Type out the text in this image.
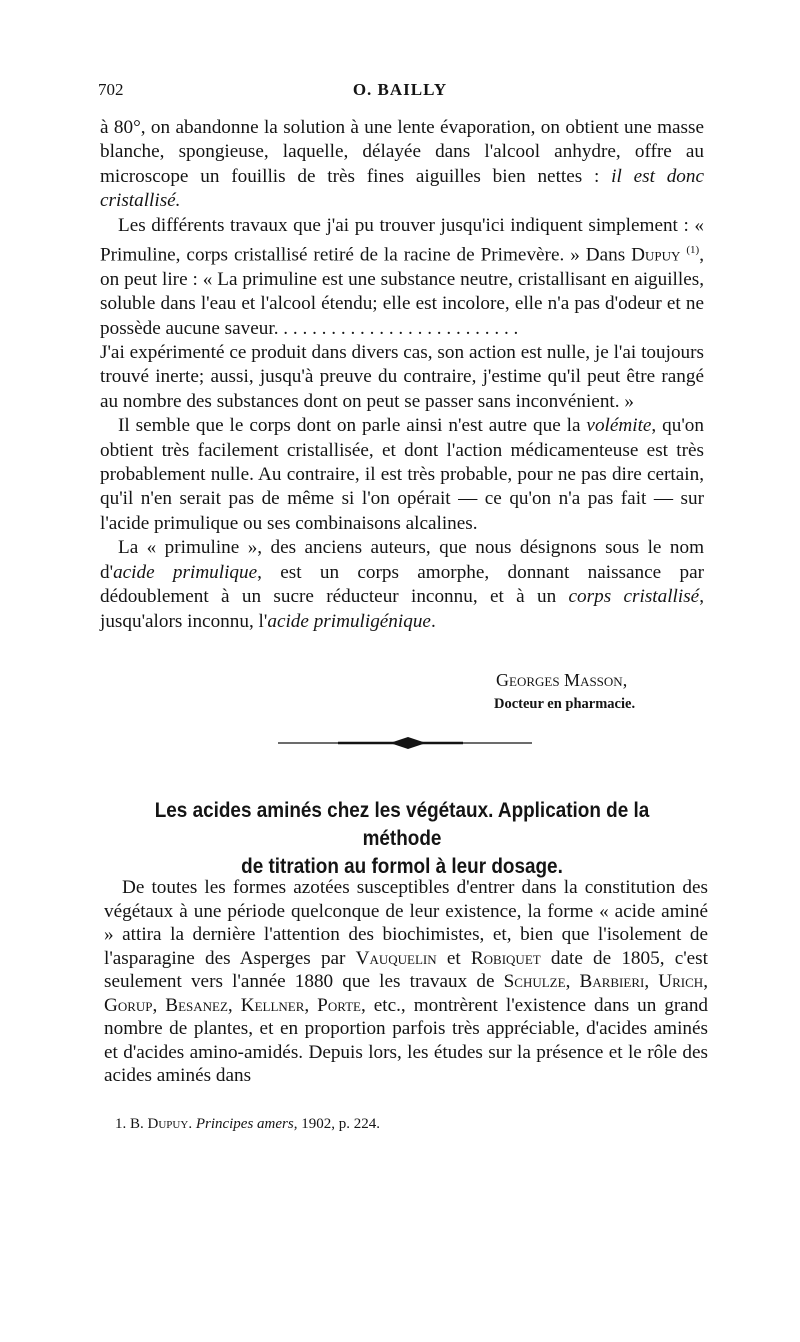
702	O. BAILLY

à 80°, on abandonne la solution à une lente évaporation, on obtient une masse blanche, spongieuse, laquelle, délayée dans l'alcool anhydre, offre au microscope un fouillis de très fines aiguilles bien nettes : il est donc cristallisé.

Les différents travaux que j'ai pu trouver jusqu'ici indiquent simplement : « Primuline, corps cristallisé retiré de la racine de Primevère. » Dans Dupuy $^{(1)}$, on peut lire : « La primuline est une substance neutre, cristallisant en aiguilles, soluble dans l'eau et l'alcool étendu; elle est incolore, elle n'a pas d'odeur et ne possède aucune saveur. . . . . . . . . . . . . . . . . . . . . . . . . .

J'ai expérimenté ce produit dans divers cas, son action est nulle, je l'ai toujours trouvé inerte; aussi, jusqu'à preuve du contraire, j'estime qu'il peut être rangé au nombre des substances dont on peut se passer sans inconvénient. »

Il semble que le corps dont on parle ainsi n'est autre que la volémite, qu'on obtient très facilement cristallisée, et dont l'action médicamenteuse est très probablement nulle. Au contraire, il est très probable, pour ne pas dire certain, qu'il n'en serait pas de même si l'on opérait — ce qu'on n'a pas fait — sur l'acide primulique ou ses combinaisons alcalines.

La « primuline », des anciens auteurs, que nous désignons sous le nom d'acide primulique, est un corps amorphe, donnant naissance par dédoublement à un sucre réducteur inconnu, et à un corps cristallisé, jusqu'alors inconnu, l'acide primuligénique.

Georges Masson,
Docteur en pharmacie.
Les acides aminés chez les végétaux. Application de la méthode
de titration au formol à leur dosage.

De toutes les formes azotées susceptibles d'entrer dans la constitution des végétaux à une période quelconque de leur existence, la forme « acide aminé » attira la dernière l'attention des biochimistes, et, bien que l'isolement de l'asparagine des Asperges par Vauquelin et Robiquet date de 1805, c'est seulement vers l'année 1880 que les travaux de Schulze, Barbieri, Urich, Gorup, Besanez, Kellner, Porte, etc., montrèrent l'existence dans un grand nombre de plantes, et en proportion parfois très appréciable, d'acides aminés et d'acides amino-amidés. Depuis lors, les études sur la présence et le rôle des acides aminés dans

1. B. Dupuy. Principes amers, 1902, p. 224.
